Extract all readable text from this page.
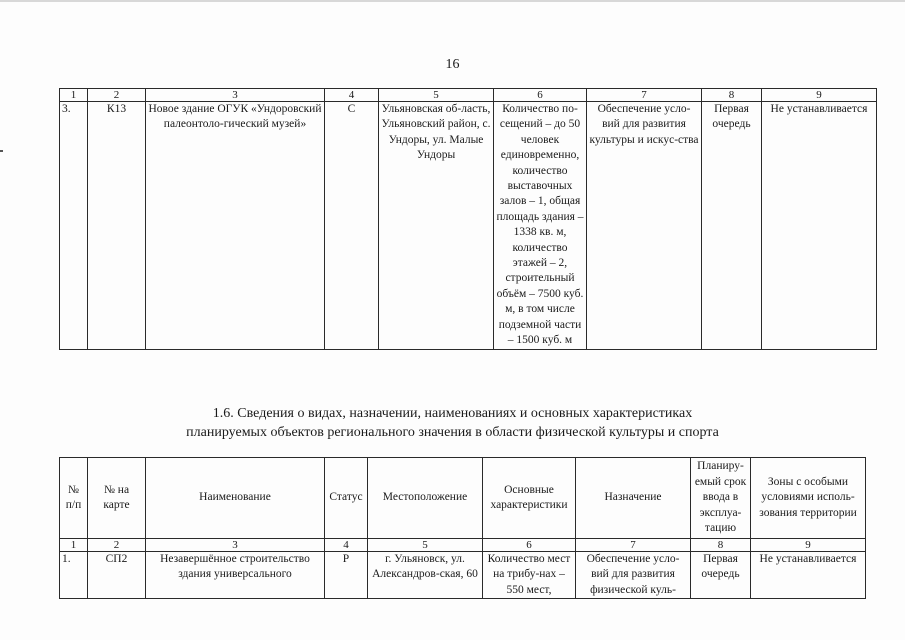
16
1	2	3	4	5	6	7	8	9
3.	К13	Новое здание ОГУК «Ундоровский палеонтоло-гический музей»	С	Ульяновская об-ласть, Ульяновский район, с. Ундоры, ул. Малые Ундоры	Количество по-сещений – до 50 человек единовременно, количество выставочных залов – 1, общая площадь здания – 1338 кв. м, количество этажей – 2, строительный объём – 7500 куб. м, в том числе подземной части – 1500 куб. м	Обеспечение усло-вий для развития культуры и искус-ства	Первая очередь	Не устанавливается
1.6. Сведения о видах, назначении, наименованиях и основных характеристиках
планируемых объектов регионального значения в области физической культуры и спорта
№ п/п	№ на карте	Наименование	Статус	Местоположение	Основные характеристики	Назначение	Планиру-емый срок ввода в эксплуа-тацию	Зоны с особыми условиями исполь-зования территории
1	2	3	4	5	6	7	8	9
1.	СП2	Незавершённое строительство здания универсального	Р	г. Ульяновск, ул. Александров-ская, 60	Количество мест на трибу-нах – 550 мест,	Обеспечение усло-вий для развития физической куль-	Первая очередь	Не устанавливается
